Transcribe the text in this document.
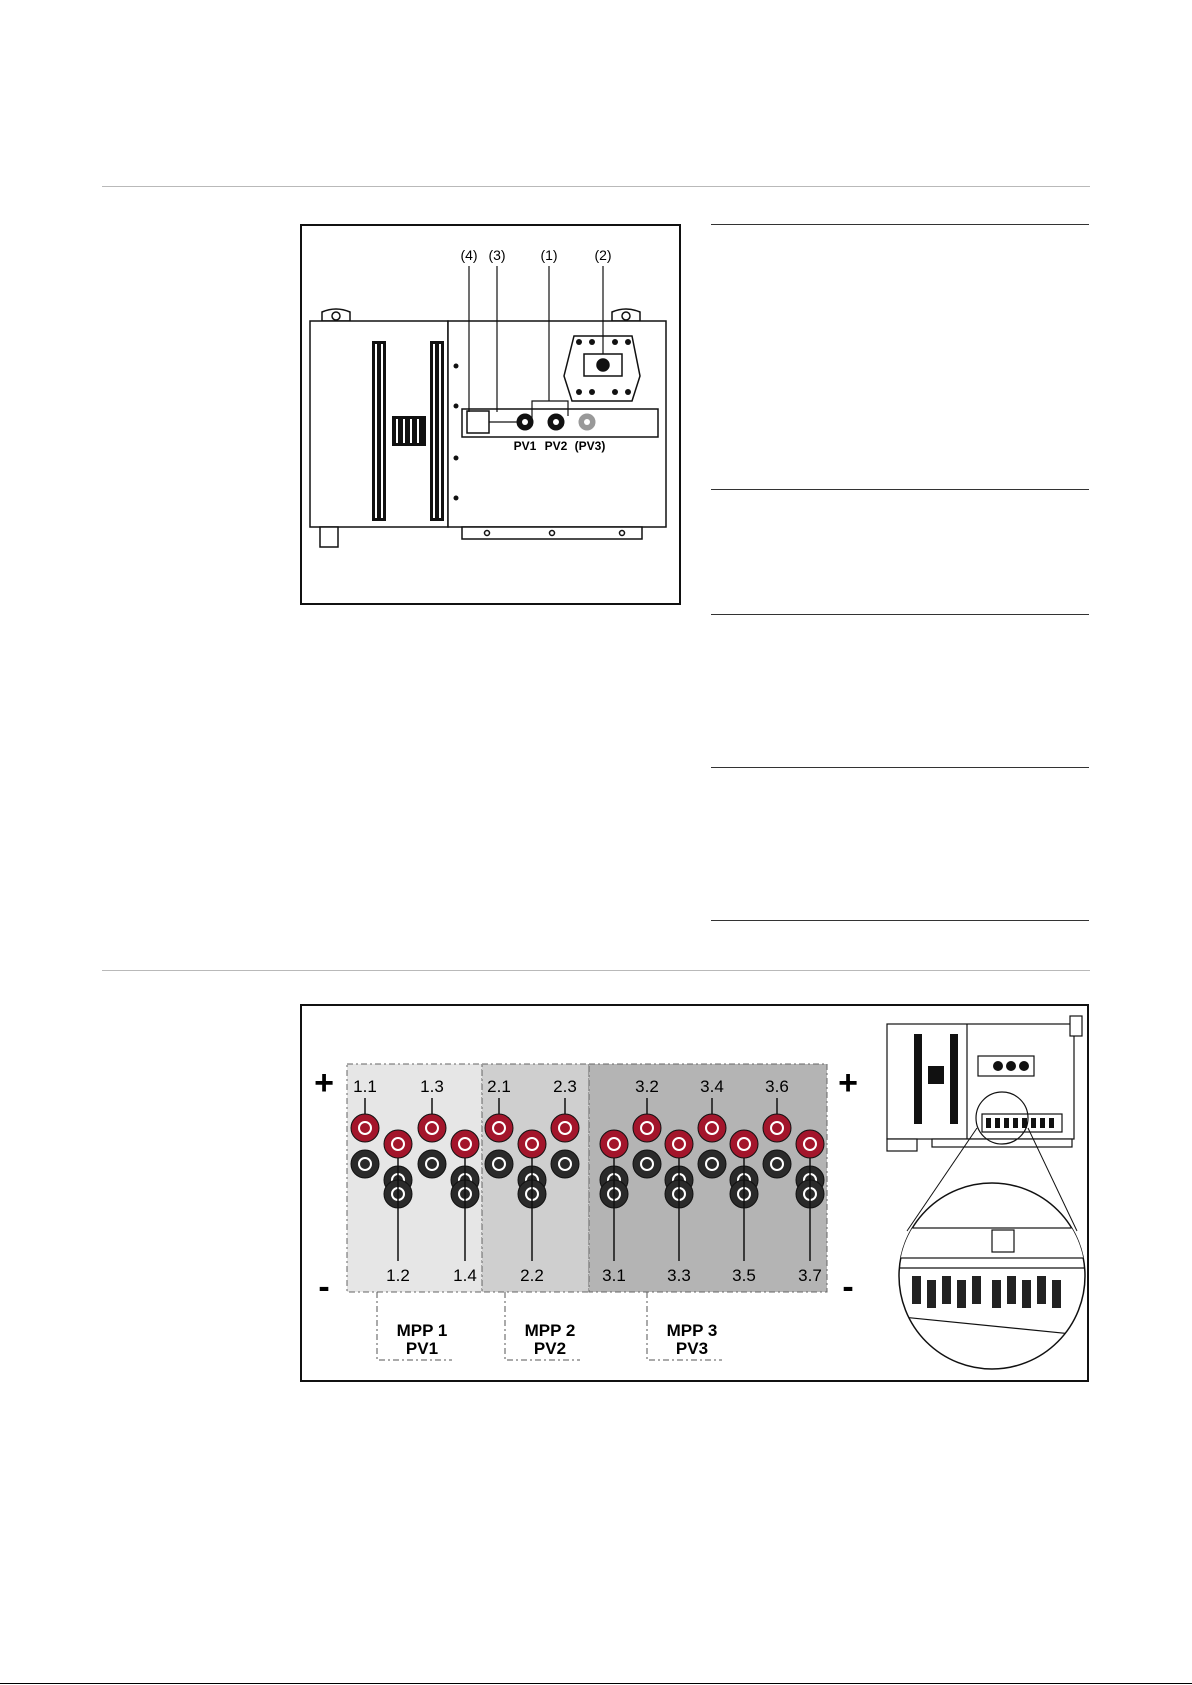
(4) (3) (1)	(2)
PV1 PV2 (PV3)
+	+
-	-
1.1	1.3	2.1 2.3	3.2 3.4 3.6
1.2	1.4	2.2	3.1 3.3 3.5 3.7
MPP 1
PV1
MPP 2
PV2
MPP 3
PV3
